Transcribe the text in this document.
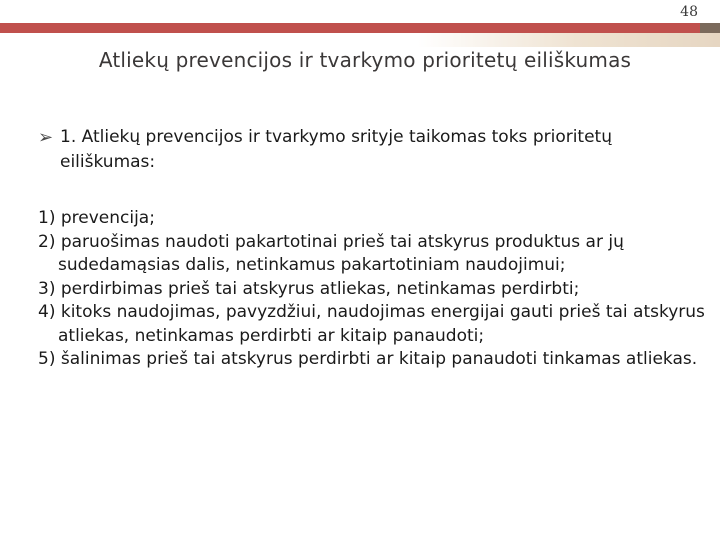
48
Atliekų prevencijos ir tvarkymo prioritetų eiliškumas
➢ 1. Atliekų prevencijos ir tvarkymo srityje taikomas toks prioritetų eiliškumas:

1) prevencija;

2) paruošimas naudoti pakartotinai prieš tai atskyrus produktus ar jų sudedamąsias dalis, netinkamus pakartotiniam naudojimui;

3) perdirbimas prieš tai atskyrus atliekas, netinkamas perdirbti;

4) kitoks naudojimas, pavyzdžiui, naudojimas energijai gauti prieš tai atskyrus atliekas, netinkamas perdirbti ar kitaip panaudoti;

5) šalinimas prieš tai atskyrus perdirbti ar kitaip panaudoti tinkamas atliekas.
